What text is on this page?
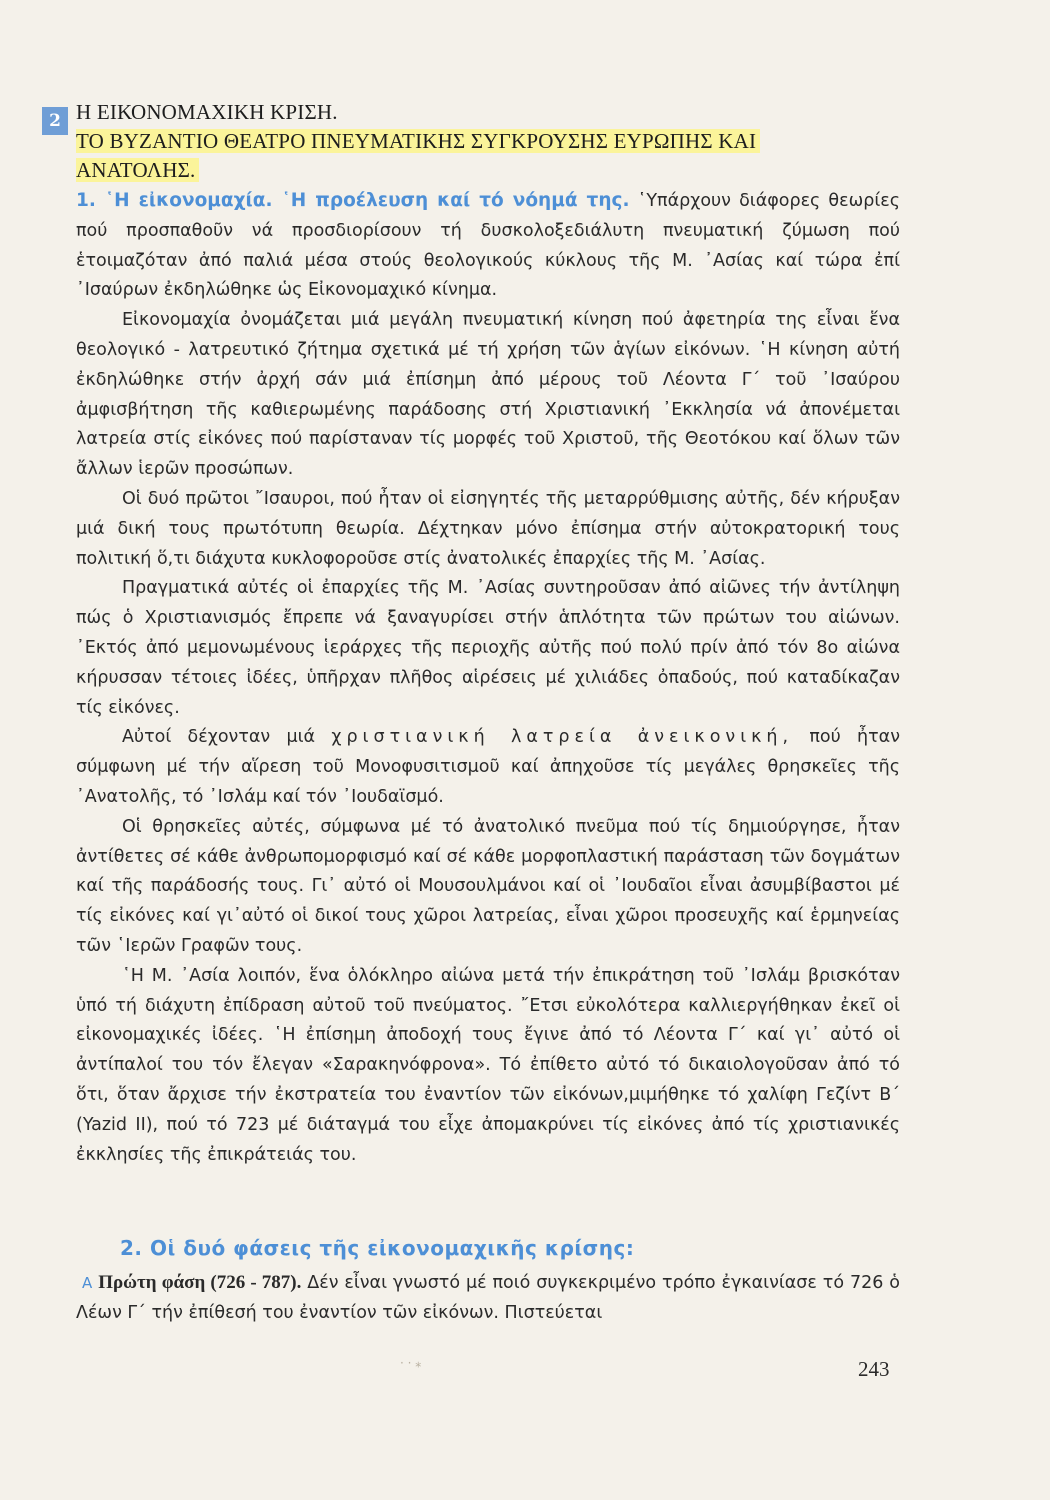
2 Η ΕΙΚΟΝΟΜΑΧΙΚΗ ΚΡΙΣΗ.
ΤΟ ΒΥΖΑΝΤΙΟ ΘΕΑΤΡΟ ΠΝΕΥΜΑΤΙΚΗΣ ΣΥΓΚΡΟΥΣΗΣ ΕΥΡΩΠΗΣ ΚΑΙ
ΑΝΑΤΟΛΗΣ.

1. ῾Η εἰκονομαχία. ῾Η προέλευση καί τό νόημά της. ῾Υπάρχουν διάφορες θεωρίες πού προσπαθοῦν νά προσδιορίσουν τή δυσκολοξεδιάλυτη πνευματική ζύμωση πού ἑτοιμαζόταν ἀπό παλιά μέσα στούς θεολογικούς κύκλους τῆς Μ. ᾿Ασίας καί τώρα ἐπί ᾿Ισαύρων ἐκδηλώθηκε ὡς Εἰκονομαχικό κίνημα.

Εἰκονομαχία ὀνομάζεται μιά μεγάλη πνευματική κίνηση πού ἀφετηρία της εἶναι ἕνα θεολογικό - λατρευτικό ζήτημα σχετικά μέ τή χρήση τῶν ἁγίων εἰκόνων. ῾Η κίνηση αὐτή ἐκδηλώθηκε στήν ἀρχή σάν μιά ἐπίσημη ἀπό μέρους τοῦ Λέοντα Γ΄ τοῦ ᾿Ισαύρου ἀμφισβήτηση τῆς καθιερωμένης παράδοσης στή Χριστιανική ᾿Εκκλησία νά ἀπονέμεται λατρεία στίς εἰκόνες πού παρίσταναν τίς μορφές τοῦ Χριστοῦ, τῆς Θεοτόκου καί ὅλων τῶν ἄλλων ἱερῶν προσώπων.

Οἱ δυό πρῶτοι ῎Ισαυροι, πού ἦταν οἱ εἰσηγητές τῆς μεταρρύθμισης αὐτῆς, δέν κήρυξαν μιά δική τους πρωτότυπη θεωρία. Δέχτηκαν μόνο ἐπίσημα στήν αὐτοκρατορική τους πολιτική ὅ,τι διάχυτα κυκλοφοροῦσε στίς ἀνατολικές ἐπαρχίες τῆς Μ. ᾿Ασίας.

Πραγματικά αὐτές οἱ ἐπαρχίες τῆς Μ. ᾿Ασίας συντηροῦσαν ἀπό αἰῶνες τήν ἀντίληψη πώς ὁ Χριστιανισμός ἔπρεπε νά ξαναγυρίσει στήν ἁπλότητα τῶν πρώτων του αἰώνων. ᾿Εκτός ἀπό μεμονωμένους ἱεράρχες τῆς περιοχῆς αὐτῆς πού πολύ πρίν ἀπό τόν 8ο αἰώνα κήρυσσαν τέτοιες ἰδέες, ὑπῆρχαν πλῆθος αἱρέσεις μέ χιλιάδες ὀπαδούς, πού καταδίκαζαν τίς εἰκόνες.

Αὐτοί δέχονταν μιά χριστιανική λατρεία ἀνεικονική, πού ἦταν σύμφωνη μέ τήν αἵρεση τοῦ Μονοφυσιτισμοῦ καί ἀπηχοῦσε τίς μεγάλες θρησκεῖες τῆς ᾿Ανατολῆς, τό ᾿Ισλάμ καί τόν ᾿Ιουδαϊσμό.

Οἱ θρησκεῖες αὐτές, σύμφωνα μέ τό ἀνατολικό πνεῦμα πού τίς δημιούργησε, ἦταν ἀντίθετες σέ κάθε ἀνθρωπομορφισμό καί σέ κάθε μορφοπλαστική παράσταση τῶν δογμάτων καί τῆς παράδοσής τους. Γι᾿ αὐτό οἱ Μουσουλμάνοι καί οἱ ᾿Ιουδαῖοι εἶναι ἀσυμβίβαστοι μέ τίς εἰκόνες καί γι᾿αὐτό οἱ δικοί τους χῶροι λατρείας, εἶναι χῶροι προσευχῆς καί ἑρμηνείας τῶν ῾Ιερῶν Γραφῶν τους.

῾Η Μ. ᾿Ασία λοιπόν, ἕνα ὁλόκληρο αἰώνα μετά τήν ἐπικράτηση τοῦ ᾿Ισλάμ βρισκόταν ὑπό τή διάχυτη ἐπίδραση αὐτοῦ τοῦ πνεύματος. ῎Ετσι εὐκολότερα καλλιεργήθηκαν ἐκεῖ οἱ εἰκονομαχικές ἰδέες. ῾Η ἐπίσημη ἀποδοχή τους ἔγινε ἀπό τό Λέοντα Γ΄ καί γι᾿ αὐτό οἱ ἀντίπαλοί του τόν ἔλεγαν «Σαρακηνόφρονα». Τό ἐπίθετο αὐτό τό δικαιολογοῦσαν ἀπό τό ὅτι, ὅταν ἄρχισε τήν ἐκστρατεία του ἐναντίον τῶν εἰκόνων,μιμήθηκε τό χαλίφη Γεζίντ Β΄ (Yazid II), πού τό 723 μέ διάταγμά του εἶχε ἀπομακρύνει τίς εἰκόνες ἀπό τίς χριστιανικές ἐκκλησίες τῆς ἐπικράτειάς του.

2. Οἱ δυό φάσεις τῆς εἰκονομαχικῆς κρίσης:

Α Πρώτη φάση (726 - 787). Δέν εἶναι γνωστό μέ ποιό συγκεκριμένο τρόπο ἐγκαινίασε τό 726 ὁ Λέων Γ΄ τήν ἐπίθεσή του ἐναντίον τῶν εἰκόνων. Πιστεύεται

· · ⁎	243
